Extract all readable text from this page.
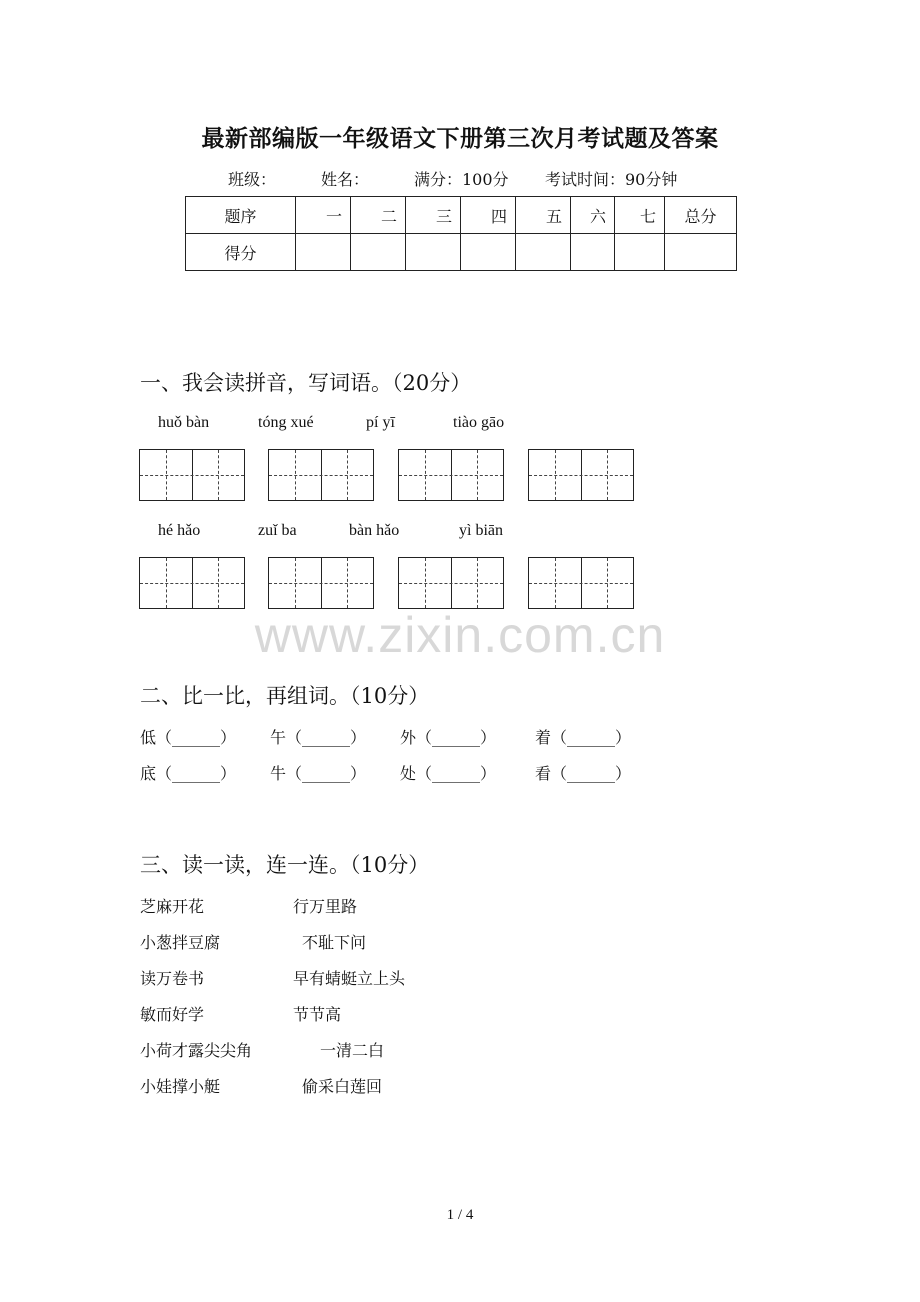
最新部编版一年级语文下册第三次月考试题及答案
班级：	姓名：	满分：100分 考试时间：90分钟
题序	一	二	三	四	五	六	七	总分
得分								
一、我会读拼音，写词语。（20分）
huǒ bàn	tóng xué	pí yī	tiào gāo
hé hǎo	zuǐ ba	bàn hǎo	yì biān
www.zixin.com.cn
二、比一比，再组词。（10分）
低（______） 午（______） 外（______） 着（______）
底（______） 牛（______） 处（______） 看（______）
三、读一读，连一连。（10分）
芝麻开花	行万里路
小葱拌豆腐	不耻下问
读万卷书	早有蜻蜓立上头
敏而好学	节节高
小荷才露尖尖角	一清二白
小娃撑小艇	偷采白莲回
1 / 4
